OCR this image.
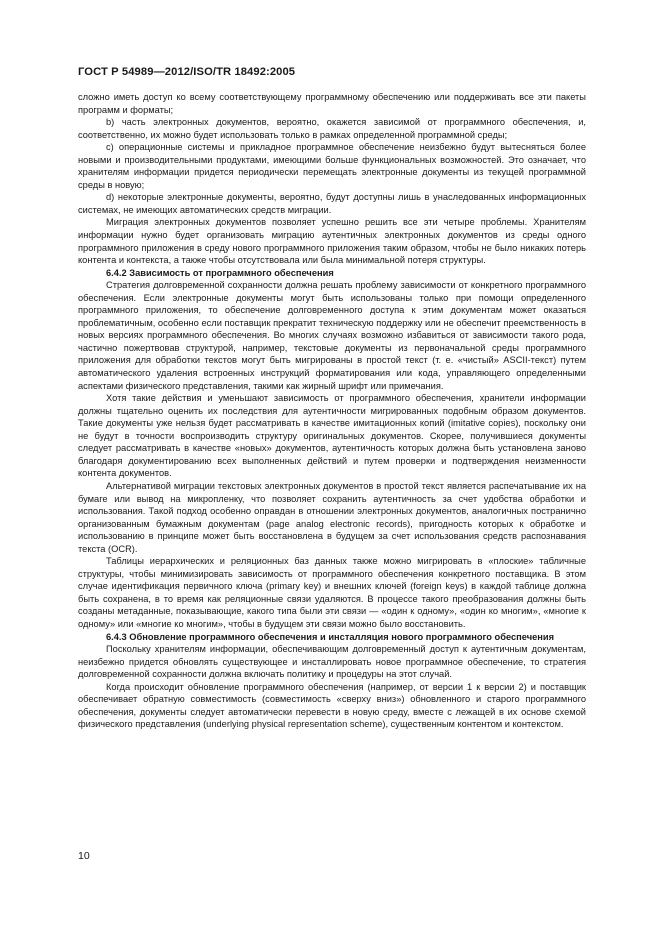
ГОСТ Р 54989—2012/ISO/TR 18492:2005

сложно иметь доступ ко всему соответствующему программному обеспечению или поддерживать все эти пакеты программ и форматы;

b) часть электронных документов, вероятно, окажется зависимой от программного обеспечения, и, соответственно, их можно будет использовать только в рамках определенной программной среды;

c) операционные системы и прикладное программное обеспечение неизбежно будут вытесняться более новыми и производительными продуктами, имеющими больше функциональных возможностей. Это означает, что хранителям информации придется периодически перемещать электронные документы из текущей программной среды в новую;

d) некоторые электронные документы, вероятно, будут доступны лишь в унаследованных информационных системах, не имеющих автоматических средств миграции.

Миграция электронных документов позволяет успешно решить все эти четыре проблемы. Хранителям информации нужно будет организовать миграцию аутентичных электронных документов из среды одного программного приложения в среду нового программного приложения таким образом, чтобы не было никаких потерь контента и контекста, а также чтобы отсутствовала или была минимальной потеря структуры.

6.4.2 Зависимость от программного обеспечения

Стратегия долговременной сохранности должна решать проблему зависимости от конкретного программного обеспечения. Если электронные документы могут быть использованы только при помощи определенного программного приложения, то обеспечение долговременного доступа к этим документам может оказаться проблематичным, особенно если поставщик прекратит техническую поддержку или не обеспечит преемственность в новых версиях программного обеспечения. Во многих случаях возможно избавиться от зависимости такого рода, частично пожертвовав структурой, например, текстовые документы из первоначальной среды программного приложения для обработки текстов могут быть мигрированы в простой текст (т. е. «чистый» ASCII-текст) путем автоматического удаления встроенных инструкций форматирования или кода, управляющего определенными аспектами физического представления, такими как жирный шрифт или примечания.

Хотя такие действия и уменьшают зависимость от программного обеспечения, хранители информации должны тщательно оценить их последствия для аутентичности мигрированных подобным образом документов. Такие документы уже нельзя будет рассматривать в качестве имитационных копий (imitative copies), поскольку они не будут в точности воспроизводить структуру оригинальных документов. Скорее, получившиеся документы следует рассматривать в качестве «новых» документов, аутентичность которых должна быть установлена заново благодаря документированию всех выполненных действий и путем проверки и подтверждения неизменности контента документов.

Альтернативой миграции текстовых электронных документов в простой текст является распечатывание их на бумаге или вывод на микропленку, что позволяет сохранить аутентичность за счет удобства обработки и использования. Такой подход особенно оправдан в отношении электронных документов, аналогичных постранично организованным бумажным документам (page analog electronic records), пригодность которых к обработке и использованию в принципе может быть восстановлена в будущем за счет использования средств распознавания текста (OCR).

Таблицы иерархических и реляционных баз данных также можно мигрировать в «плоские» табличные структуры, чтобы минимизировать зависимость от программного обеспечения конкретного поставщика. В этом случае идентификация первичного ключа (primary key) и внешних ключей (foreign keys) в каждой таблице должна быть сохранена, в то время как реляционные связи удаляются. В процессе такого преобразования должны быть созданы метаданные, показывающие, какого типа были эти связи — «один к одному», «один ко многим», «многие к одному» или «многие ко многим», чтобы в будущем эти связи можно было восстановить.

6.4.3 Обновление программного обеспечения и инсталляция нового программного обеспечения

Поскольку хранителям информации, обеспечивающим долговременный доступ к аутентичным документам, неизбежно придется обновлять существующее и инсталлировать новое программное обеспечение, то стратегия долговременной сохранности должна включать политику и процедуры на этот случай.

Когда происходит обновление программного обеспечения (например, от версии 1 к версии 2) и поставщик обеспечивает обратную совместимость (совместимость «сверху вниз») обновленного и старого программного обеспечения, документы следует автоматически перевести в новую среду, вместе с лежащей в их основе схемой физического представления (underlying physical representation scheme), существенным контентом и контекстом.

10
